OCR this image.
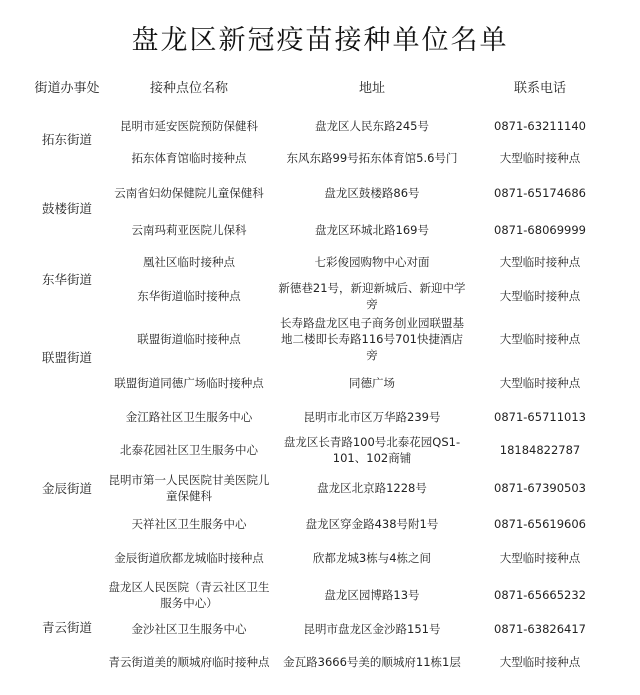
盘龙区新冠疫苗接种单位名单
街道办事处	接种点位名称	地址	联系电话
拓东街道	昆明市延安医院预防保健科	盘龙区人民东路245号	0871-63211140
	拓东体育馆临时接种点	东风东路99号拓东体育馆5.6号门	大型临时接种点
鼓楼街道	云南省妇幼保健院儿童保健科	盘龙区鼓楼路86号	0871-65174686
	云南玛莉亚医院儿保科	盘龙区环城北路169号	0871-68069999
东华街道	凰社区临时接种点	七彩俊园购物中心对面	大型临时接种点
	东华街道临时接种点	新德巷21号，新迎新城后、新迎中学旁	大型临时接种点
联盟街道	联盟街道临时接种点	长寿路盘龙区电子商务创业园联盟基地二楼即长寿路116号701快捷酒店旁	大型临时接种点
	联盟街道同德广场临时接种点	同德广场	大型临时接种点
金辰街道	金江路社区卫生服务中心	昆明市北市区万华路239号	0871-65711013
	北泰花园社区卫生服务中心	盘龙区长青路100号北泰花园QS1-101、102商铺	18184822787
	昆明市第一人民医院甘美医院儿童保健科	盘龙区北京路1228号	0871-67390503
	天祥社区卫生服务中心	盘龙区穿金路438号附1号	0871-65619606
	金辰街道欣都龙城临时接种点	欣都龙城3栋与4栋之间	大型临时接种点
青云街道	盘龙区人民医院（青云社区卫生服务中心）	盘龙区园博路13号	0871-65665232
	金沙社区卫生服务中心	昆明市盘龙区金沙路151号	0871-63826417
	青云街道美的顺城府临时接种点	金瓦路3666号美的顺城府11栋1层	大型临时接种点
